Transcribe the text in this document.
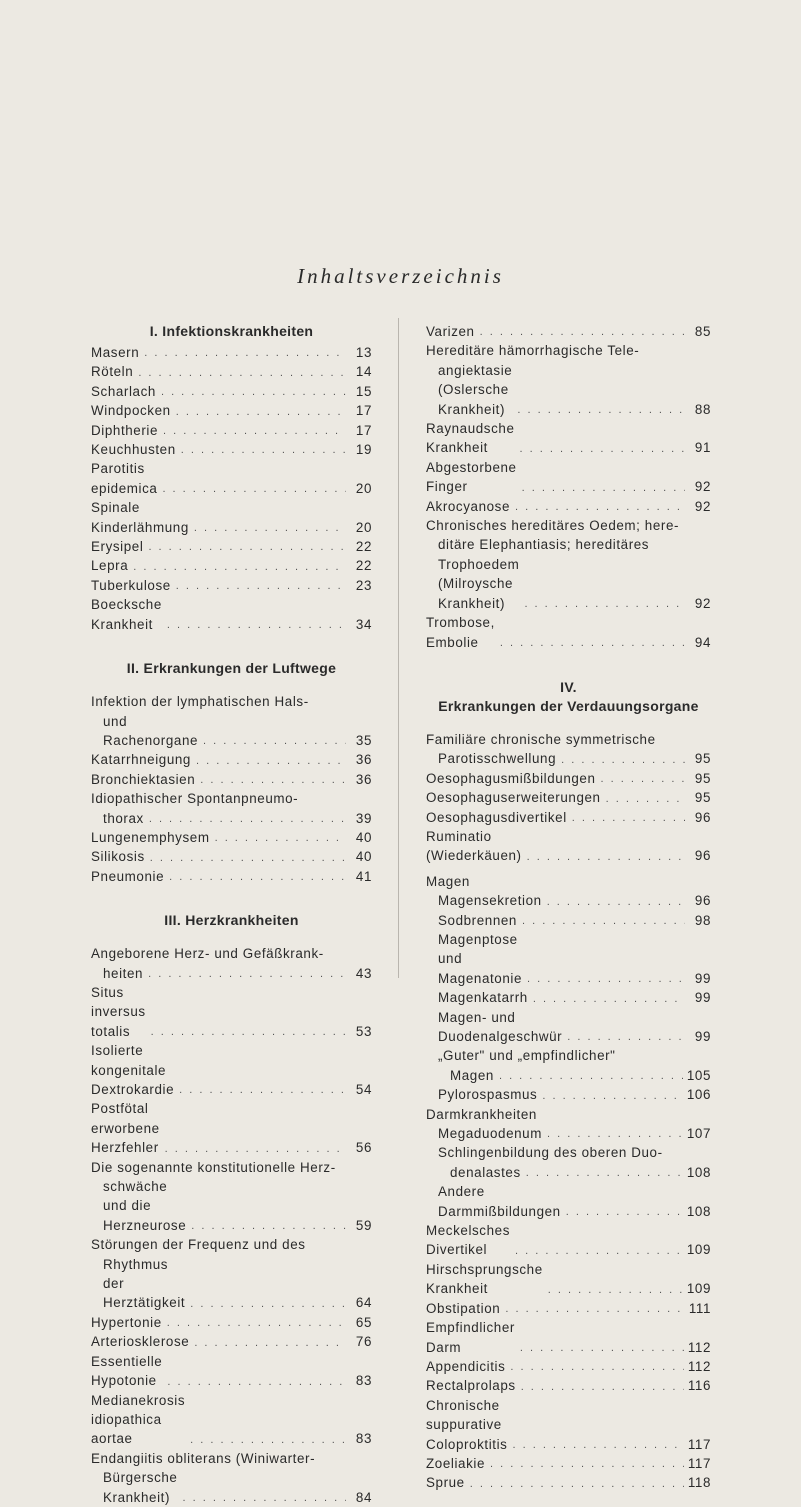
Inhaltsverzeichnis
I. Infektionskrankheiten
Masern . . .	13
Röteln . . .	14
Scharlach . . .	15
Windpocken . . .	17
Diphtherie . . .	17
Keuchhusten . . .	19
Parotitis epidemica . . .	20
Spinale Kinderlähmung . . .	20
Erysipel . . .	22
Lepra . . .	22
Tuberkulose . . .	23
Boecksche Krankheit . . .	34
II. Erkrankungen der Luftwege
Infektion der lymphatischen Hals-
und Rachenorgane . . .	35
Katarrhneigung . . .	36
Bronchiektasien . . .	36
Idiopathischer Spontanpneumo-
thorax . . .	39
Lungenemphysem . . .	40
Silikosis . . .	40
Pneumonie . . .	41
III. Herzkrankheiten
Angeborene Herz- und Gefäßkrank-
heiten . . .	43
Situs inversus totalis . . .	53
Isolierte kongenitale Dextrokardie . . .	54
Postfötal erworbene Herzfehler . . .	56
Die sogenannte konstitutionelle Herz-
schwäche und die Herzneurose . . .	59
Störungen der Frequenz und des
Rhythmus der Herztätigkeit . . .	64
Hypertonie . . .	65
Arteriosklerose . . .	76
Essentielle Hypotonie . . .	83
Medianekrosis idiopathica aortae . . .	83
Endangiitis obliterans (Winiwarter-
Bürgersche Krankheit) . . .	84
Varizen . . .	85
Hereditäre hämorrhagische Tele-
angiektasie (Oslersche Krankheit) . . .	88
Raynaudsche Krankheit . . .	91
Abgestorbene Finger . . .	92
Akrocyanose . . .	92
Chronisches hereditäres Oedem; here-
ditäre Elephantiasis; hereditäres
Trophoedem (Milroysche Krankheit) . . .	92
Trombose, Embolie . . .	94
IV.
Erkrankungen der Verdauungsorgane
Familiäre chronische symmetrische
Parotisschwellung . . .	95
Oesophagusmißbildungen . . .	95
Oesophaguserweiterungen . . .	95
Oesophagusdivertikel . . .	96
Ruminatio (Wiederkäuen) . . .	96
Magen
Magensekretion . . .	96
Sodbrennen . . .	98
Magenptose und Magenatonie . . .	99
Magenkatarrh . . .	99
Magen- und Duodenalgeschwür . . .	99
„Guter" und „empfindlicher"
Magen . . .	105
Pylorospasmus . . .	106
Darmkrankheiten
Megaduodenum . . .	107
Schlingenbildung des oberen Duo-
denalastes . . .	108
Andere Darmmißbildungen . . .	108
Meckelsches Divertikel . . .	109
Hirschsprungsche Krankheit . . .	109
Obstipation . . .	111
Empfindlicher Darm . . .	112
Appendicitis . . .	112
Rectalprolaps . . .	116
Chronische suppurative Coloproktitis . . .	117
Zoeliakie . . .	117
Sprue . . .	118
